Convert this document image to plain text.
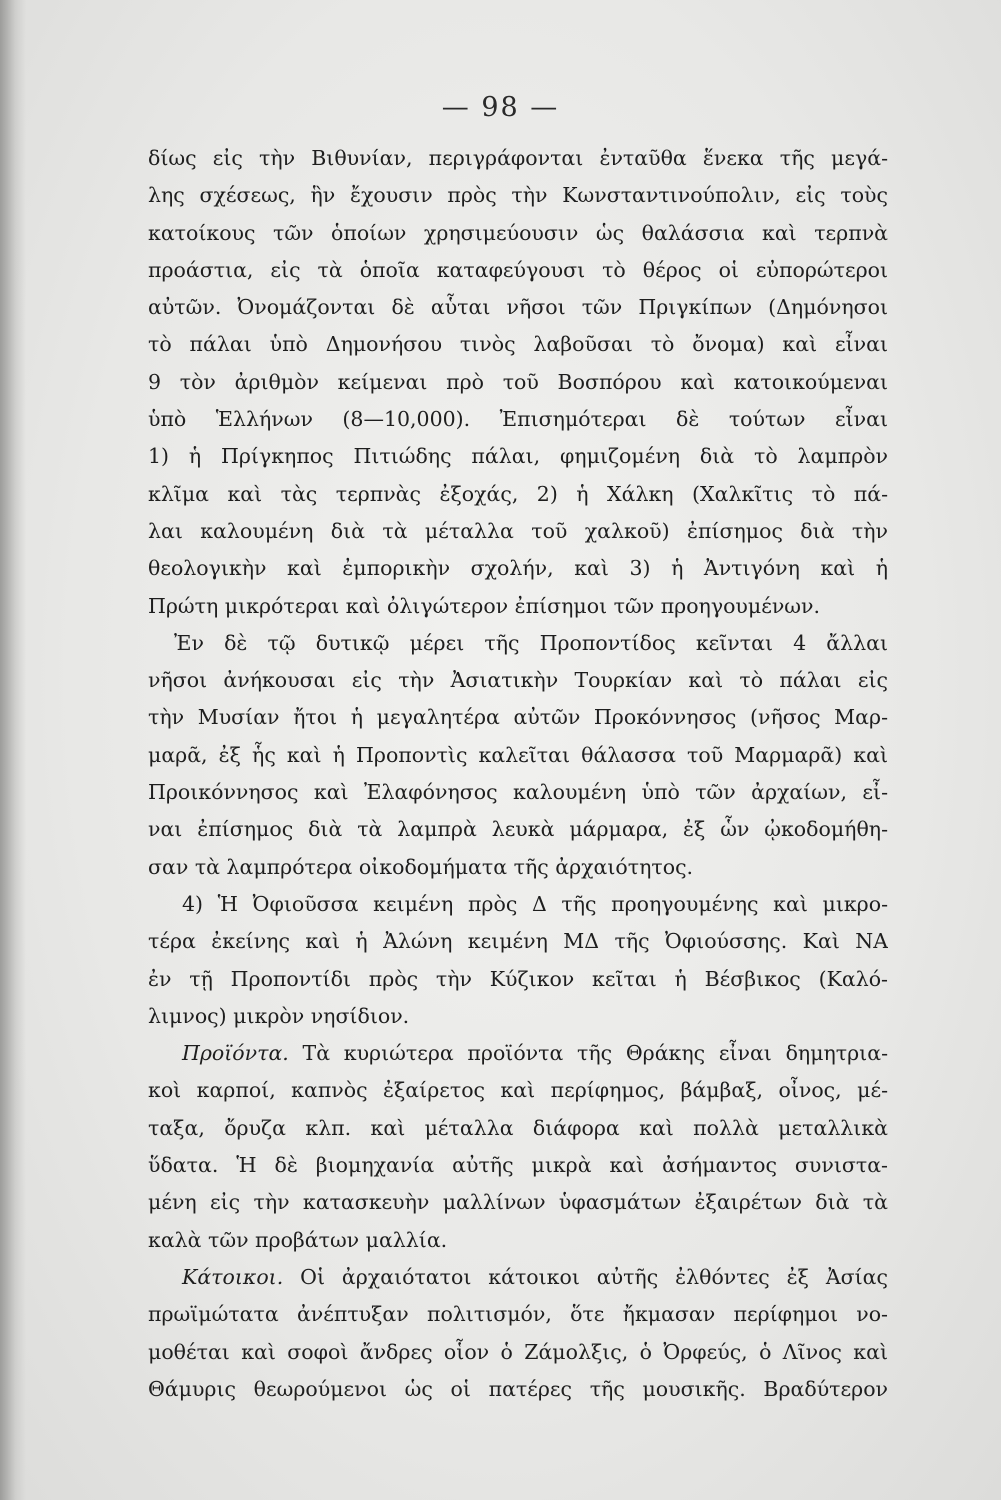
— 98 —
δίως εἰς τὴν Βιθυνίαν, περιγράφονται ἐνταῦθα ἕνεκα τῆς μεγά-
λης σχέσεως, ἣν ἔχουσιν πρὸς τὴν Κωνσταντινούπολιν, εἰς τοὺς
κατοίκους τῶν ὁποίων χρησιμεύουσιν ὡς θαλάσσια καὶ τερπνὰ
προάστια, εἰς τὰ ὁποῖα καταφεύγουσι τὸ θέρος οἱ εὐπορώτεροι
αὐτῶν. Ὀνομάζονται δὲ αὗται νῆσοι τῶν Πριγκίπων (Δημόνησοι
τὸ πάλαι ὑπὸ Δημονήσου τινὸς λαβοῦσαι τὸ ὄνομα) καὶ εἶναι
9 τὸν ἀριθμὸν κείμεναι πρὸ τοῦ Βοσπόρου καὶ κατοικούμεναι
ὑπὸ Ἑλλήνων (8—10,000). Ἐπισημότεραι δὲ τούτων εἶναι
1) ἡ Πρίγκηπος Πιτιώδης πάλαι, φημιζομένη διὰ τὸ λαμπρὸν
κλῖμα καὶ τὰς τερπνὰς ἐξοχάς, 2) ἡ Χάλκη (Χαλκῖτις τὸ πά-
λαι καλουμένη διὰ τὰ μέταλλα τοῦ χαλκοῦ) ἐπίσημος διὰ τὴν
θεολογικὴν καὶ ἐμπορικὴν σχολήν, καὶ 3) ἡ Ἀντιγόνη καὶ ἡ
Πρώτη μικρότεραι καὶ ὀλιγώτερον ἐπίσημοι τῶν προηγουμένων.
Ἐν δὲ τῷ δυτικῷ μέρει τῆς Προποντίδος κεῖνται 4 ἄλλαι
νῆσοι ἀνήκουσαι εἰς τὴν Ἀσιατικὴν Τουρκίαν καὶ τὸ πάλαι εἰς
τὴν Μυσίαν ἤτοι ἡ μεγαλητέρα αὐτῶν Προκόννησος (νῆσος Μαρ-
μαρᾶ, ἐξ ἧς καὶ ἡ Προποντὶς καλεῖται θάλασσα τοῦ Μαρμαρᾶ) καὶ
Προικόννησος καὶ Ἐλαφόνησος καλουμένη ὑπὸ τῶν ἀρχαίων, εἶ-
ναι ἐπίσημος διὰ τὰ λαμπρὰ λευκὰ μάρμαρα, ἐξ ὧν ᾠκοδομήθη-
σαν τὰ λαμπρότερα οἰκοδομήματα τῆς ἀρχαιότητος.
4) Ἡ Ὀφιοῦσσα κειμένη πρὸς Δ τῆς προηγουμένης καὶ μικρο-
τέρα ἐκείνης καὶ ἡ Ἀλώνη κειμένη ΜΔ τῆς Ὀφιούσσης. Καὶ ΝΑ
ἐν τῇ Προποντίδι πρὸς τὴν Κύζικον κεῖται ἡ Βέσβικος (Καλό-
λιμνος) μικρὸν νησίδιον.
Προϊόντα. Τὰ κυριώτερα προϊόντα τῆς Θράκης εἶναι δημητρια-
κοὶ καρποί, καπνὸς ἐξαίρετος καὶ περίφημος, βάμβαξ, οἶνος, μέ-
ταξα, ὄρυζα κλπ. καὶ μέταλλα διάφορα καὶ πολλὰ μεταλλικὰ
ὕδατα. Ἡ δὲ βιομηχανία αὐτῆς μικρὰ καὶ ἀσήμαντος συνιστα-
μένη εἰς τὴν κατασκευὴν μαλλίνων ὑφασμάτων ἐξαιρέτων διὰ τὰ
καλὰ τῶν προβάτων μαλλία.
Κάτοικοι. Οἱ ἀρχαιότατοι κάτοικοι αὐτῆς ἐλθόντες ἐξ Ἀσίας
πρωϊμώτατα ἀνέπτυξαν πολιτισμόν, ὅτε ἤκμασαν περίφημοι νο-
μοθέται καὶ σοφοὶ ἄνδρες οἷον ὁ Ζάμολξις, ὁ Ὀρφεύς, ὁ Λῖνος καὶ
Θάμυρις θεωρούμενοι ὡς οἱ πατέρες τῆς μουσικῆς. Βραδύτερον
